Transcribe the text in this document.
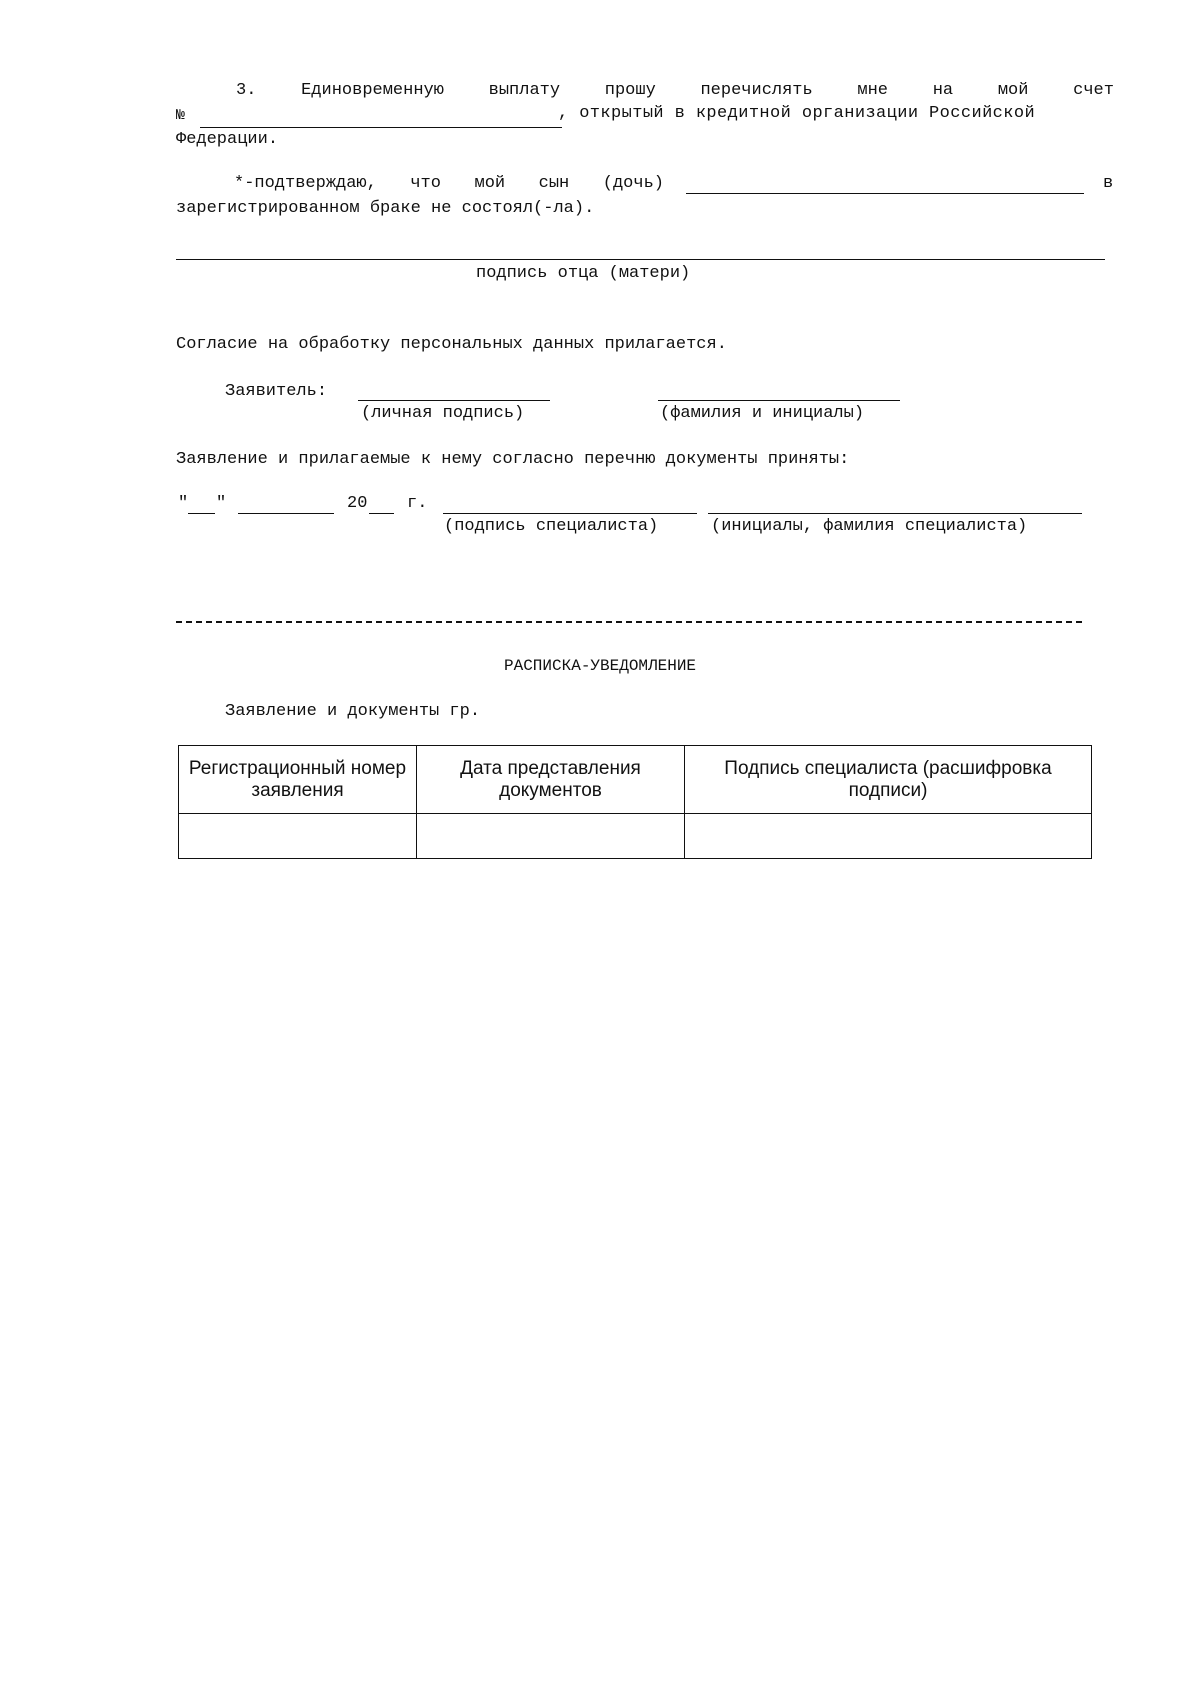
3.	Единовременную	выплату	прошу	перечислять	мне	на	мой	счет
№	, открытый в кредитной организации Российской
Федерации.
*-подтверждаю, что мой сын (дочь)	в
зарегистрированном браке не состоял(-ла).
подпись отца (матери)
Согласие на обработку персональных данных прилагается.
Заявитель:
(личная подпись)	(фамилия и инициалы)
Заявление и прилагаемые к нему согласно перечню документы приняты:
" "	20 г.
(подпись специалиста)	(инициалы, фамилия специалиста)
РАСПИСКА-УВЕДОМЛЕНИЕ
Заявление и документы гр.
Регистрационный номер заявления	Дата представления документов	Подпись специалиста (расшифровка подписи)
